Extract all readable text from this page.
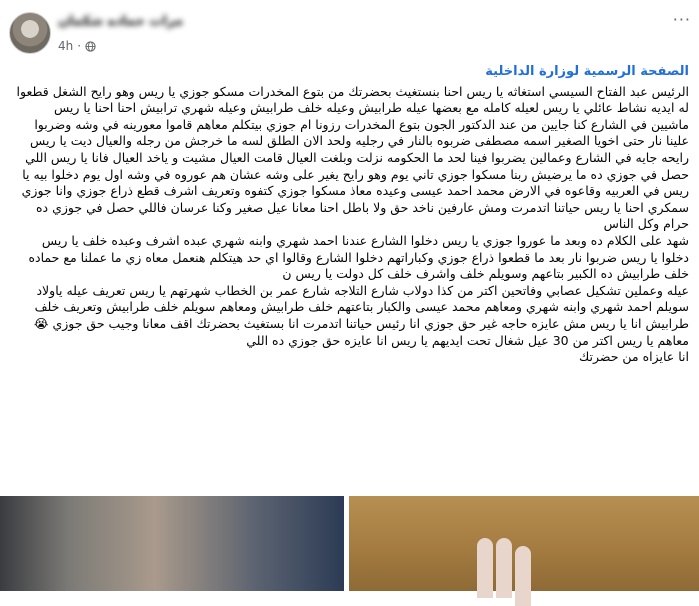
مرات حماده شكمان
4h ·
···
الصفحة الرسمية لوزارة الداخلية

الرئيس عبد الفتاح السيسي استغاثه يا ريس احنا بنستغيث بحضرتك من بتوع المخدرات مسكو جوزي يا ريس وهو رايح الشغل قطعوا له ايديه نشاط عائلي يا ريس لعيله كامله مع بعضها عيله طرابيش وعيله خلف طرابيش وعيله شهري ترابيش احنا احنا يا ريس ماشيين في الشارع كنا جايين من عند الدكتور الجون بتوع المخدرات رزونا ام جوزي بيتكلم معاهم قاموا معورينه في وشه وضربوا علينا نار حتى اخويا الصغير اسمه مصطفى ضربوه بالنار في رجليه ولحد الان الطلق لسه ما خرجش من رجله والعيال ديت يا ريس رايحه جايه في الشارع وعمالين يضربوا فينا لحد ما الحكومه نزلت وبلغت العيال قامت العيال مشيت و ياخد العيال فانا يا ريس اللي حصل في جوزي ده ما يرضيش ربنا مسكوا جوزي تاني يوم وهو رايح يغير على وشه عشان هم عوروه في وشه اول يوم دخلوا بيه يا ريس في العربيه وقاعوه في الارض محمد احمد عيسى وعيده معاذ مسكوا جوزي كتفوه وتعريف اشرف قطع ذراع جوزي وانا جوزي سمكري احنا يا ريس حياتنا اتدمرت ومش عارفين ناخد حق ولا باطل احنا معانا عيل صغير وكنا عرسان فاللي حصل في جوزي ده حرام وكل الناس

شهد على الكلام ده وبعد ما عوروا جوزي يا ريس دخلوا الشارع عندنا احمد شهري وابنه شهري عبده اشرف وعبده خلف يا ريس دخلوا يا ريس ضربوا نار بعد ما قطعوا ذراع جوزي وكباراتهم دخلوا الشارع وقالوا اي حد هيتكلم هنعمل معاه زي ما عملنا مع حماده خلف طرابيش ده الكبير بتاعهم وسويلم خلف واشرف خلف كل دولت يا ريس ن

عيله وعملين تشكيل عصابي وفاتحين اكتر من كذا دولاب شارع التلاجه شارع عمر بن الخطاب شهرتهم يا ريس تعريف عيله ياولاد سويلم احمد شهري وابنه شهري ومعاهم محمد عيسى والكبار بتاعتهم خلف طرابيش ومعاهم سويلم خلف طرابيش وتعريف خلف طرابيش انا يا ريس مش عايزه حاجه غير حق جوزي انا رئيس حياتنا اتدمرت انا بستغيث بحضرتك اقف معانا وجيب حق جوزي 😭 معاهم يا ريس اكتر من 30 عيل شغال تحت ايديهم يا ريس انا عايزه حق جوزي ده اللي

انا عايزاه من حضرتك
